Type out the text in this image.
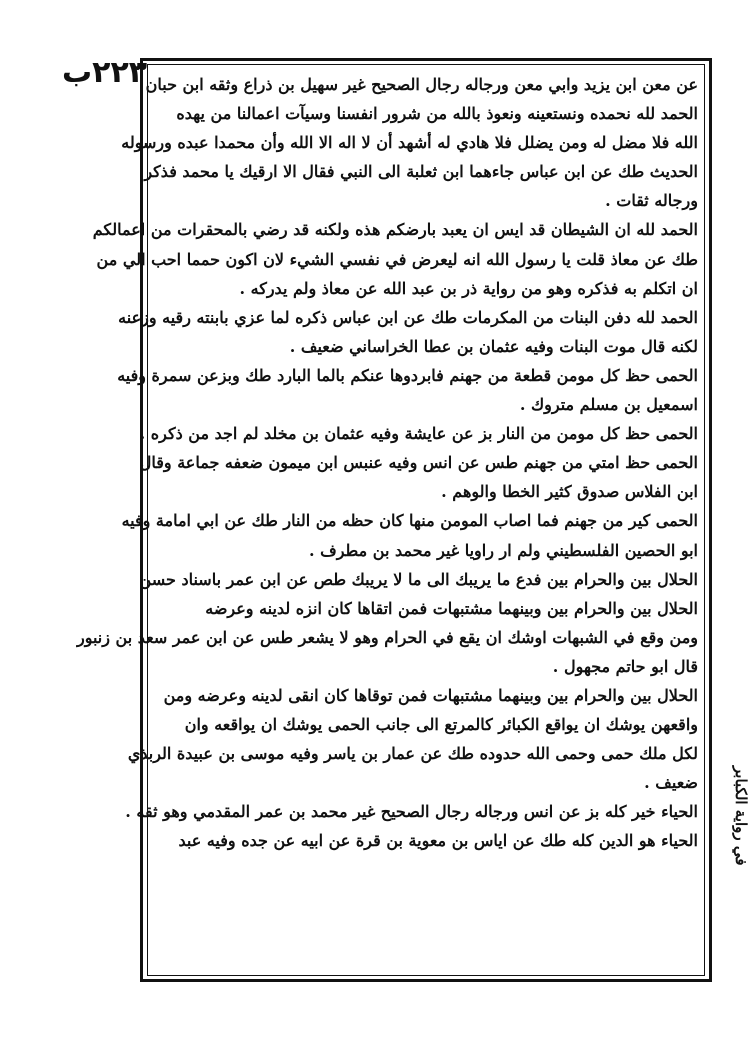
٢٢٣ب
عن معن ابن يزيد وابي معن ورجاله رجال الصحيح غير سهيل بن ذراع وثقه ابن حبان
الحمد لله نحمده ونستعينه ونعوذ بالله من شرور انفسنا وسيآت اعمالنا من يهده
الله فلا مضل له ومن يضلل فلا هادي له أشهد أن لا اله الا الله وأن محمدا عبده ورسوله
الحديث طك عن ابن عباس جاءهما ابن ثعلبة الى النبي فقال الا ارقيك يا محمد فذكر
ورجاله ثقات .
الحمد لله ان الشيطان قد ايس ان يعبد بارضكم هذه ولكنه قد رضي بالمحقرات من اعمالكم
طك عن معاذ قلت يا رسول الله انه ليعرض في نفسي الشيء لان اكون حمما احب الي من
ان اتكلم به فذكره وهو من رواية ذر بن عبد الله عن معاذ ولم يدركه .
الحمد لله دفن البنات من المكرمات طك عن ابن عباس ذكره لما عزي بابنته رقيه وزعنه
لكنه قال موت البنات وفيه عثمان بن عطا الخراساني ضعيف .
الحمى حظ كل مومن قطعة من جهنم فابردوها عنكم بالما البارد طك وبزعن سمرة وفيه
اسمعيل بن مسلم متروك .
الحمى حظ كل مومن من النار بز عن عايشة وفيه عثمان بن مخلد لم اجد من ذكره .
الحمى حظ امتي من جهنم طس عن انس وفيه عنبس ابن ميمون ضعفه جماعة وقال
ابن الفلاس صدوق كثير الخطا والوهم .
الحمى كير من جهنم فما اصاب المومن منها كان حظه من النار طك عن ابي امامة وفيه
ابو الحصين الفلسطيني ولم ار راويا غير محمد بن مطرف .
الحلال بين والحرام بين فدع ما يريبك الى ما لا يريبك طص عن ابن عمر باسناد حسن
الحلال بين والحرام بين وبينهما مشتبهات فمن اتقاها كان انزه لدينه وعرضه
ومن وقع في الشبهات اوشك ان يقع في الحرام وهو لا يشعر طس عن ابن عمر سعد بن زنبور
قال ابو حاتم مجهول .
الحلال بين والحرام بين وبينهما مشتبهات فمن توقاها كان انقى لدينه وعرضه ومن
واقعهن يوشك ان يواقع الكبائر كالمرتع الى جانب الحمى يوشك ان يواقعه وان
لكل ملك حمى وحمى الله حدوده طك عن عمار بن ياسر وفيه موسى بن عبيدة الربذي
ضعيف .
الحياء خير كله بز عن انس ورجاله رجال الصحيح غير محمد بن عمر المقدمي وهو ثقه .
الحياء هو الدين كله طك عن اياس بن معوية بن قرة عن ابيه عن جده وفيه عبد	في رواية الكبابر
